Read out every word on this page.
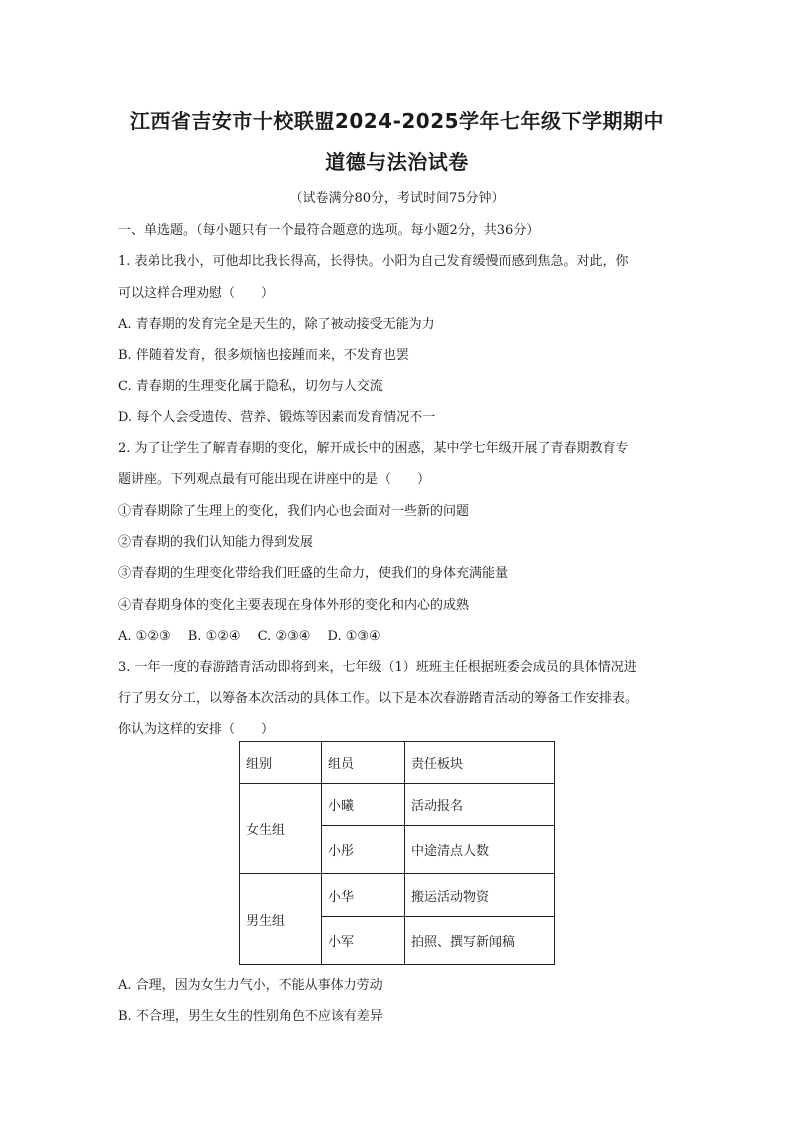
江西省吉安市十校联盟2024-2025学年七年级下学期期中
道德与法治试卷
（试卷满分80分，考试时间75分钟）
一、单选题。（每小题只有一个最符合题意的选项。每小题2分，共36分）
1. 表弟比我小，可他却比我长得高，长得快。小阳为自己发育缓慢而感到焦急。对此，你
可以这样合理劝慰（　　）
A. 青春期的发育完全是天生的，除了被动接受无能为力
B. 伴随着发育，很多烦恼也接踵而来，不发育也罢
C. 青春期的生理变化属于隐私，切勿与人交流
D. 每个人会受遗传、营养、锻炼等因素而发育情况不一
2. 为了让学生了解青春期的变化，解开成长中的困惑，某中学七年级开展了青春期教育专
题讲座。下列观点最有可能出现在讲座中的是（　　）
①青春期除了生理上的变化，我们内心也会面对一些新的问题
②青春期的我们认知能力得到发展
③青春期的生理变化带给我们旺盛的生命力，使我们的身体充满能量
④青春期身体的变化主要表现在身体外形的变化和内心的成熟
A. ①②③　 B. ①②④　 C. ②③④　 D. ①③④
3. 一年一度的春游踏青活动即将到来，七年级（1）班班主任根据班委会成员的具体情况进
行了男女分工，以筹备本次活动的具体工作。以下是本次春游踏青活动的筹备工作安排表。
你认为这样的安排（　　）
组别	组员	责任板块
女生组	小曦	活动报名
	小彤	中途清点人数
男生组	小华	搬运活动物资
	小军	拍照、撰写新闻稿
A. 合理，因为女生力气小，不能从事体力劳动
B. 不合理，男生女生的性别角色不应该有差异
